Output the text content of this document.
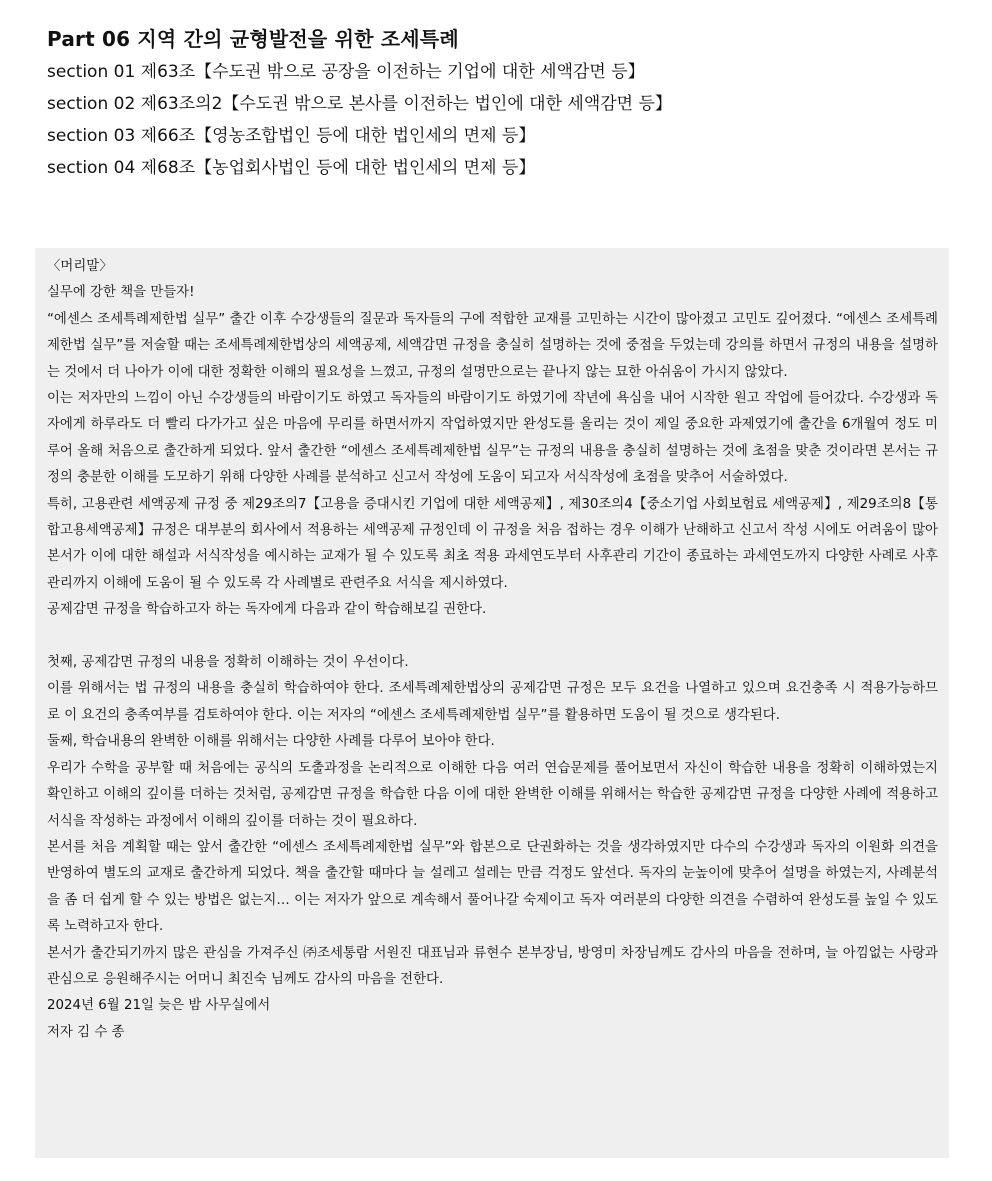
Part 06 지역 간의 균형발전을 위한 조세특례
section 01 제63조【수도권 밖으로 공장을 이전하는 기업에 대한 세액감면 등】
section 02 제63조의2【수도권 밖으로 본사를 이전하는 법인에 대한 세액감면 등】
section 03 제66조【영농조합법인 등에 대한 법인세의 면제 등】
section 04 제68조【농업회사법인 등에 대한 법인세의 면제 등】

〈머리말〉

실무에 강한 책을 만들자!

“에센스 조세특례제한법 실무” 출간 이후 수강생들의 질문과 독자들의 구에 적합한 교재를 고민하는 시간이 많아졌고 고민도 깊어졌다. “에센스 조세특례제한법 실무”를 저술할 때는 조세특례제한법상의 세액공제, 세액감면 규정을 충실히 설명하는 것에 중점을 두었는데 강의를 하면서 규정의 내용을 설명하는 것에서 더 나아가 이에 대한 정확한 이해의 필요성을 느꼈고, 규정의 설명만으로는 끝나지 않는 묘한 아쉬움이 가시지 않았다.

이는 저자만의 느낌이 아닌 수강생들의 바람이기도 하였고 독자들의 바람이기도 하였기에 작년에 욕심을 내어 시작한 원고 작업에 들어갔다. 수강생과 독자에게 하루라도 더 빨리 다가가고 싶은 마음에 무리를 하면서까지 작업하였지만 완성도를 올리는 것이 제일 중요한 과제였기에 출간을 6개월여 정도 미루어 올해 처음으로 출간하게 되었다. 앞서 출간한 “에센스 조세특례제한법 실무”는 규정의 내용을 충실히 설명하는 것에 초점을 맞춘 것이라면 본서는 규정의 충분한 이해를 도모하기 위해 다양한 사례를 분석하고 신고서 작성에 도움이 되고자 서식작성에 초점을 맞추어 서술하였다.

특히, 고용관련 세액공제 규정 중 제29조의7【고용을 증대시킨 기업에 대한 세액공제】, 제30조의4【중소기업 사회보험료 세액공제】, 제29조의8【통합고용세액공제】규정은 대부분의 회사에서 적용하는 세액공제 규정인데 이 규정을 처음 접하는 경우 이해가 난해하고 신고서 작성 시에도 어려움이 많아 본서가 이에 대한 해설과 서식작성을 예시하는 교재가 될 수 있도록 최초 적용 과세연도부터 사후관리 기간이 종료하는 과세연도까지 다양한 사례로 사후관리까지 이해에 도움이 될 수 있도록 각 사례별로 관련주요 서식을 제시하였다.

공제감면 규정을 학습하고자 하는 독자에게 다음과 같이 학습해보길 권한다.

첫째, 공제감면 규정의 내용을 정확히 이해하는 것이 우선이다.

이를 위해서는 법 규정의 내용을 충실히 학습하여야 한다. 조세특례제한법상의 공제감면 규정은 모두 요건을 나열하고 있으며 요건충족 시 적용가능하므로 이 요건의 충족여부를 검토하여야 한다. 이는 저자의 “에센스 조세특례제한법 실무”를 활용하면 도움이 될 것으로 생각된다.

둘째, 학습내용의 완벽한 이해를 위해서는 다양한 사례를 다루어 보아야 한다.

우리가 수학을 공부할 때 처음에는 공식의 도출과정을 논리적으로 이해한 다음 여러 연습문제를 풀어보면서 자신이 학습한 내용을 정확히 이해하였는지 확인하고 이해의 깊이를 더하는 것처럼, 공제감면 규정을 학습한 다음 이에 대한 완벽한 이해를 위해서는 학습한 공제감면 규정을 다양한 사례에 적용하고 서식을 작성하는 과정에서 이해의 깊이를 더하는 것이 필요하다.

본서를 처음 계획할 때는 앞서 출간한 “에센스 조세특례제한법 실무”와 합본으로 단권화하는 것을 생각하였지만 다수의 수강생과 독자의 이원화 의견을 반영하여 별도의 교재로 출간하게 되었다. 책을 출간할 때마다 늘 설레고 설레는 만큼 걱정도 앞선다. 독자의 눈높이에 맞추어 설명을 하였는지, 사례분석을 좀 더 쉽게 할 수 있는 방법은 없는지… 이는 저자가 앞으로 계속해서 풀어나갈 숙제이고 독자 여러분의 다양한 의견을 수렴하여 완성도를 높일 수 있도록 노력하고자 한다.

본서가 출간되기까지 많은 관심을 가져주신 ㈜조세통람 서원진 대표님과 류현수 본부장님, 방영미 차장님께도 감사의 마음을 전하며, 늘 아낌없는 사랑과 관심으로 응원해주시는 어머니 최진숙 님께도 감사의 마음을 전한다.

2024년 6월 21일 늦은 밤 사무실에서

저자 김 수 종
